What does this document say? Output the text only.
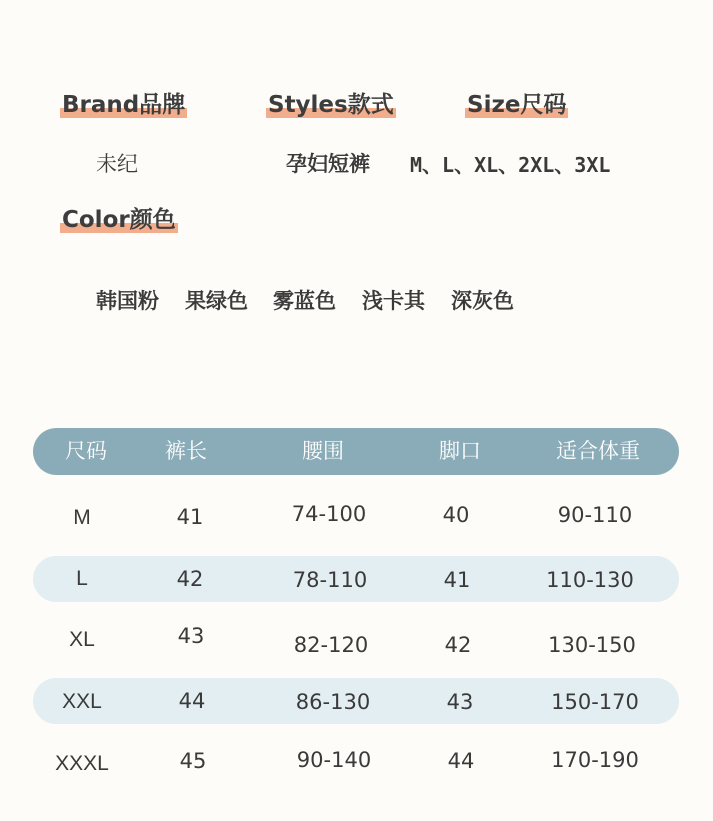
Brand品牌	Styles款式	Size尺码
未纪	孕妇短裤 M、L、XL、2XL、3XL
Color颜色
韩国粉 果绿色 雾蓝色 浅卡其 深灰色
尺码	裤长	腰围	脚口	适合体重
M	41	74-100	40	90-110
L	42	78-110	41	110-130
XL	43	82-120	42	130-150
XXL	44	86-130	43	150-170
XXXL	45	90-140	44	170-190
